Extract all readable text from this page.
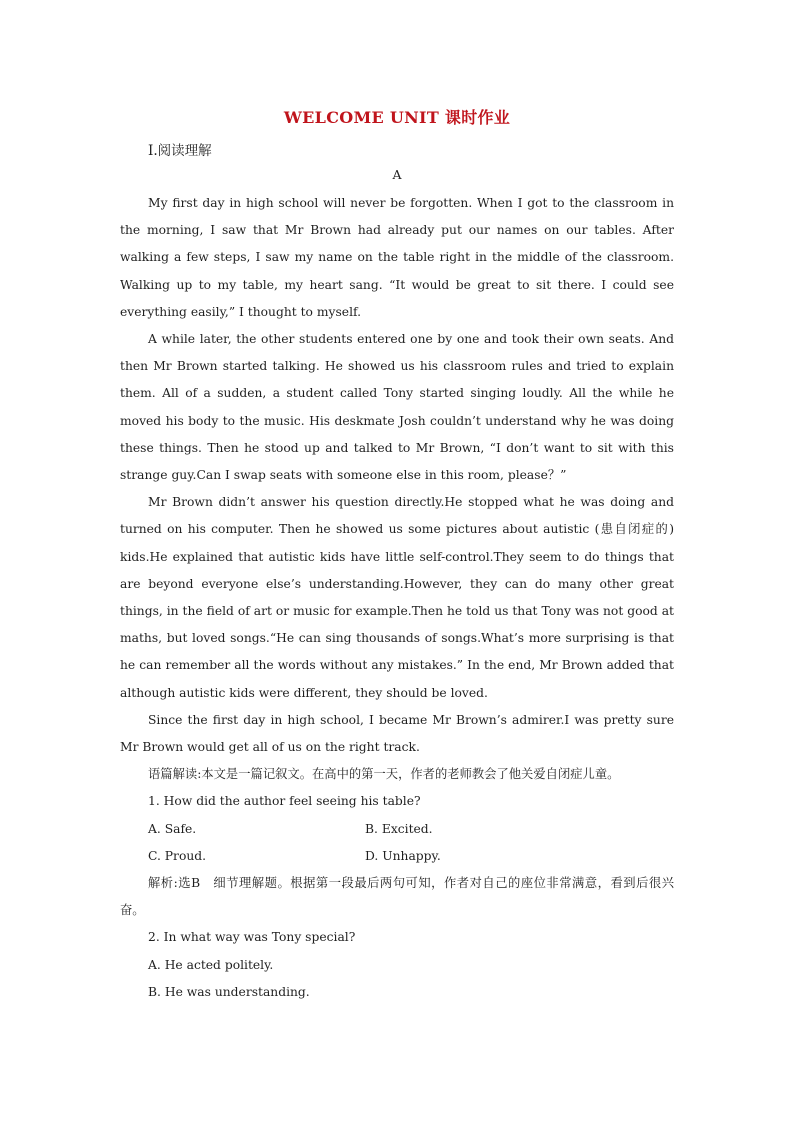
WELCOME UNIT 课时作业
Ⅰ.阅读理解
A

My first day in high school will never be forgotten. When I got to the classroom in the morning, I saw that Mr Brown had already put our names on our tables. After walking a few steps, I saw my name on the table right in the middle of the classroom. Walking up to my table, my heart sang. “It would be great to sit there. I could see everything easily,” I thought to myself.

A while later, the other students entered one by one and took their own seats. And then Mr Brown started talking. He showed us his classroom rules and tried to explain them. All of a sudden, a student called Tony started singing loudly. All the while he moved his body to the music. His deskmate Josh couldn’t understand why he was doing these things. Then he stood up and talked to Mr Brown, “I don’t want to sit with this strange guy.Can I swap seats with someone else in this room, please？”

Mr Brown didn’t answer his question directly.He stopped what he was doing and turned on his computer. Then he showed us some pictures about autistic (患自闭症的) kids.He explained that autistic kids have little self-control.They seem to do things that are beyond everyone else’s understanding.However, they can do many other great things, in the field of art or music for example.Then he told us that Tony was not good at maths, but loved songs.“He can sing thousands of songs.What’s more surprising is that he can remember all the words without any mistakes.” In the end, Mr Brown added that although autistic kids were different, they should be loved.

Since the first day in high school, I became Mr Brown’s admirer.I was pretty sure Mr Brown would get all of us on the right track.

语篇解读:本文是一篇记叙文。在高中的第一天，作者的老师教会了他关爱自闭症儿童。

1. How did the author feel seeing his table?
A. Safe.	B. Excited.
C. Proud.	D. Unhappy.

解析:选B　细节理解题。根据第一段最后两句可知，作者对自己的座位非常满意，看到后很兴奋。

2. In what way was Tony special?
A. He acted politely.
B. He was understanding.
